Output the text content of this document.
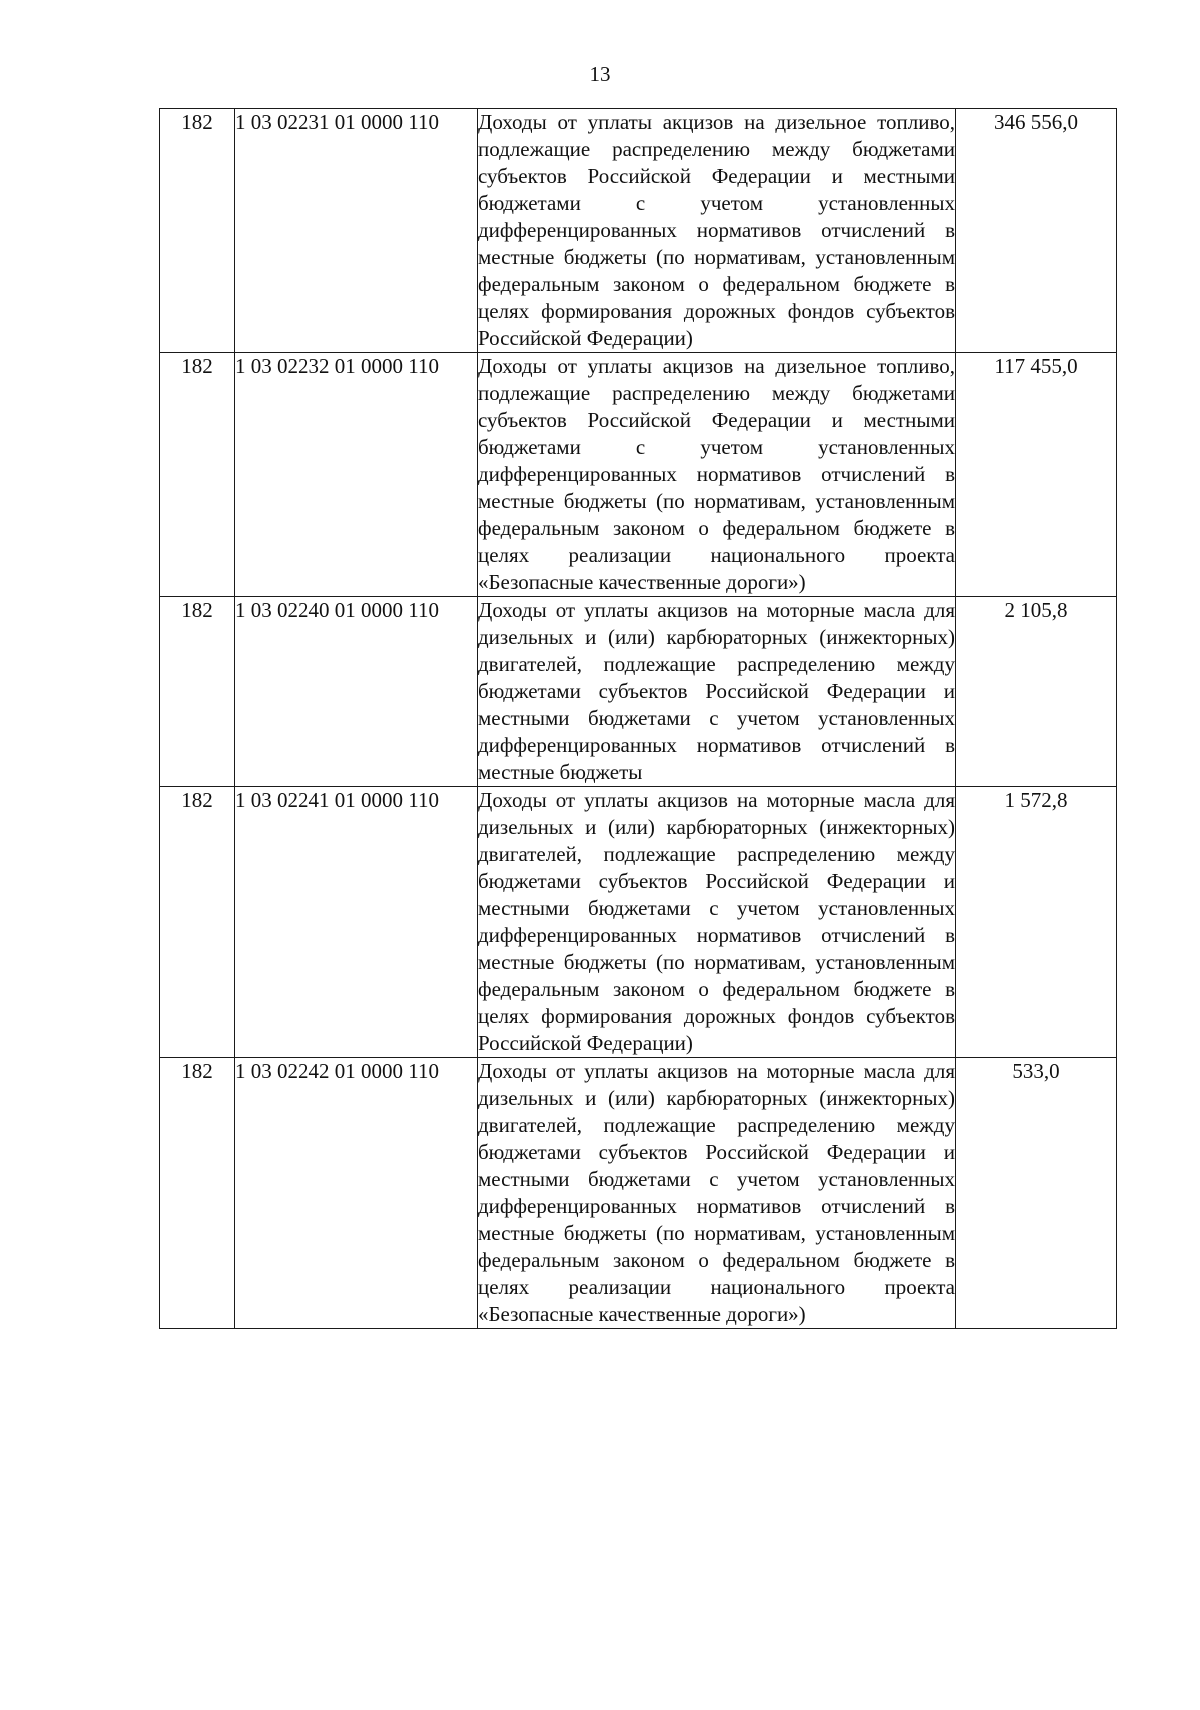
13
182	1 03 02231 01 0000 110	Доходы от уплаты акцизов на дизельное топливо, подлежащие распределению между бюджетами субъектов Российской Федерации и местными бюджетами с учетом установленных дифференцированных нормативов отчислений в местные бюджеты (по нормативам, установленным федеральным законом о федеральном бюджете в целях формирования дорожных фондов субъектов Российской Федерации)	346 556,0
182	1 03 02232 01 0000 110	Доходы от уплаты акцизов на дизельное топливо, подлежащие распределению между бюджетами субъектов Российской Федерации и местными бюджетами с учетом установленных дифференцированных нормативов отчислений в местные бюджеты (по нормативам, установленным федеральным законом о федеральном бюджете в целях реализации национального проекта «Безопасные качественные дороги»)	117 455,0
182	1 03 02240 01 0000 110	Доходы от уплаты акцизов на моторные масла для дизельных и (или) карбюраторных (инжекторных) двигателей, подлежащие распределению между бюджетами субъектов Российской Федерации и местными бюджетами с учетом установленных дифференцированных нормативов отчислений в местные бюджеты	2 105,8
182	1 03 02241 01 0000 110	Доходы от уплаты акцизов на моторные масла для дизельных и (или) карбюраторных (инжекторных) двигателей, подлежащие распределению между бюджетами субъектов Российской Федерации и местными бюджетами с учетом установленных дифференцированных нормативов отчислений в местные бюджеты (по нормативам, установленным федеральным законом о федеральном бюджете в целях формирования дорожных фондов субъектов Российской Федерации)	1 572,8
182	1 03 02242 01 0000 110	Доходы от уплаты акцизов на моторные масла для дизельных и (или) карбюраторных (инжекторных) двигателей, подлежащие распределению между бюджетами субъектов Российской Федерации и местными бюджетами с учетом установленных дифференцированных нормативов отчислений в местные бюджеты (по нормативам, установленным федеральным законом о федеральном бюджете в целях реализации национального проекта «Безопасные качественные дороги»)	533,0
